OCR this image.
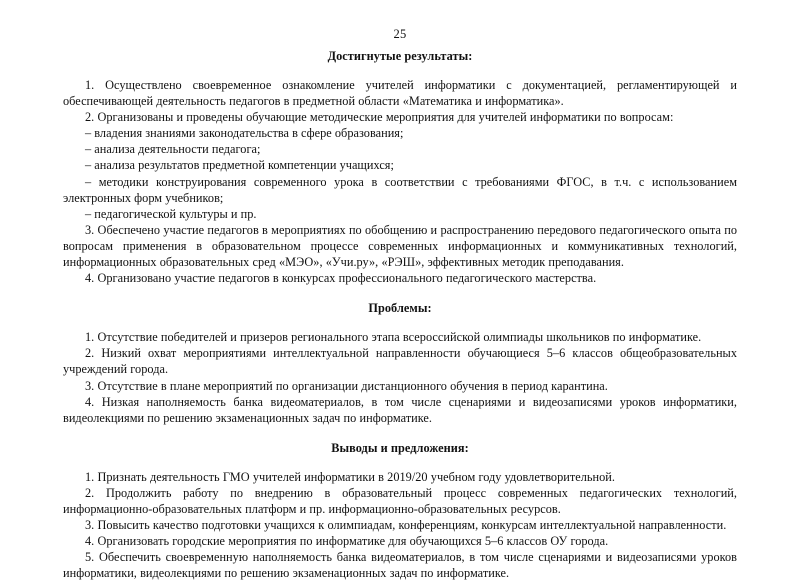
25

Достигнутые результаты:

1. Осуществлено своевременное ознакомление учителей информатики с документацией, регламентирующей и обеспечивающей деятельность педагогов в предметной области «Математика и информатика».

2. Организованы и проведены обучающие методические мероприятия для учителей информатики по вопросам:

– владения знаниями законодательства в сфере образования;

– анализа деятельности педагога;

– анализа результатов предметной компетенции учащихся;

– методики конструирования современного урока в соответствии с требованиями ФГОС, в т.ч. с использованием электронных форм учебников;

– педагогической культуры и пр.

3. Обеспечено участие педагогов в мероприятиях по обобщению и распространению передового педагогического опыта по вопросам применения в образовательном процессе современных информационных и коммуникативных технологий, информационных образовательных сред «МЭО», «Учи.ру», «РЭШ», эффективных методик преподавания.

4. Организовано участие педагогов в конкурсах профессионального педагогического мастерства.

Проблемы:

1. Отсутствие победителей и призеров регионального этапа всероссийской олимпиады школьников по информатике.

2. Низкий охват мероприятиями интеллектуальной направленности обучающиеся 5–6 классов общеобразовательных учреждений города.

3. Отсутствие в плане мероприятий по организации дистанционного обучения в период карантина.

4. Низкая наполняемость банка видеоматериалов, в том числе сценариями и видеозаписями уроков информатики, видеолекциями по решению экзаменационных задач по информатике.

Выводы и предложения:

1. Признать деятельность ГМО учителей информатики в 2019/20 учебном году удовлетворительной.

2. Продолжить работу по внедрению в образовательный процесс современных педагогических технологий, информационно-образовательных платформ и пр. информационно-образовательных ресурсов.

3. Повысить качество подготовки учащихся к олимпиадам, конференциям, конкурсам интеллектуальной направленности.

4. Организовать городские мероприятия по информатике для обучающихся 5–6 классов ОУ города.

5. Обеспечить своевременную наполняемость банка видеоматериалов, в том числе сценариями и видеозаписями уроков информатики, видеолекциями по решению экзаменационных задач по информатике.
